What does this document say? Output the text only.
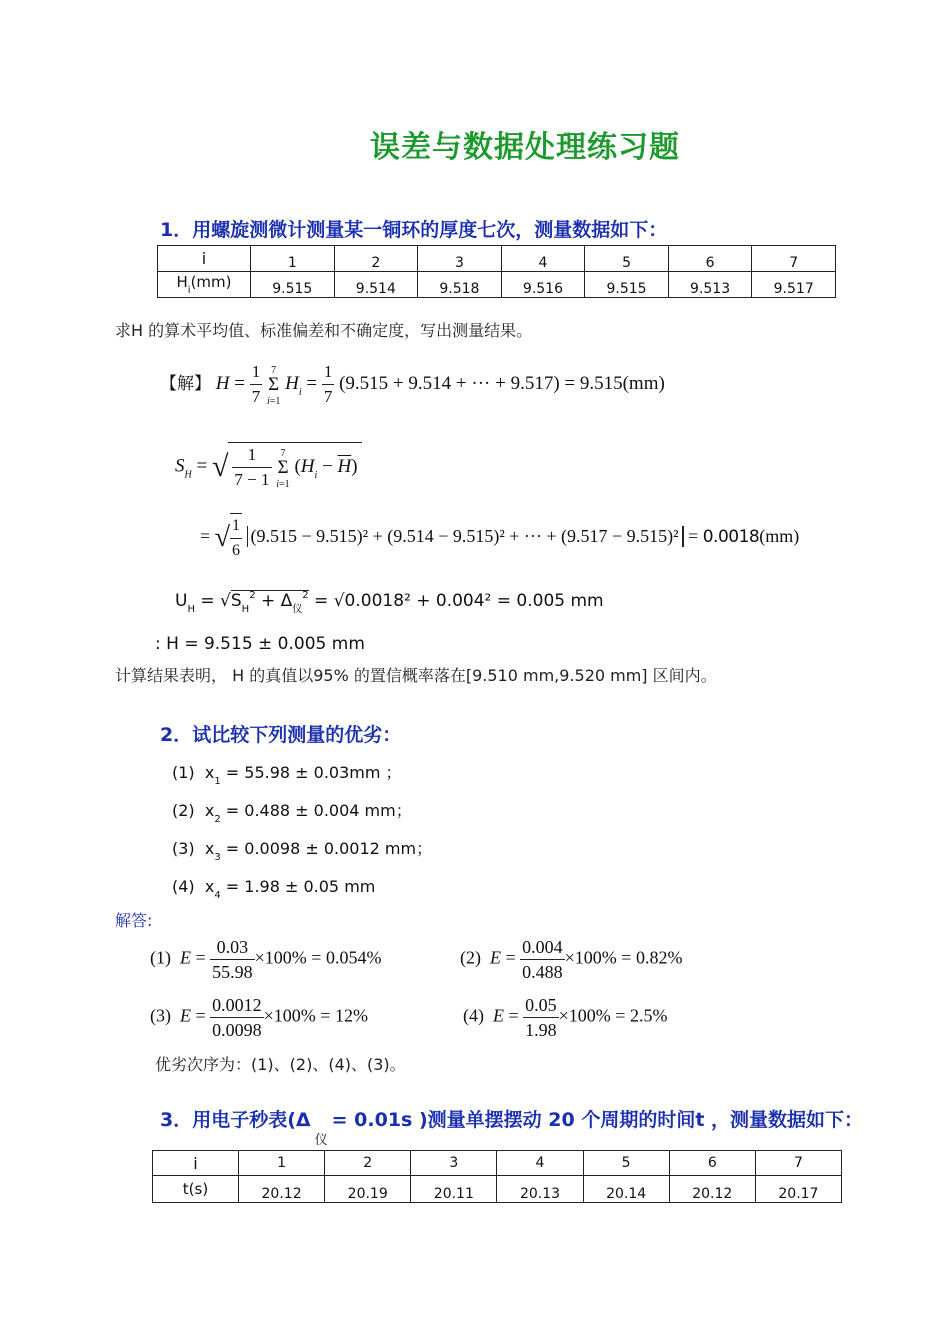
误差与数据处理练习题
1．用螺旋测微计测量某一铜环的厚度七次，测量数据如下：
i	1	2	3	4	5	6	7
$H_i(mm)$	9.515	9.514	9.518	9.516	9.515	9.513	9.517
求H 的算术平均值、标准偏差和不确定度，写出测量结果。
【解】 $H = \frac{1}{7} 7$
Σ
i=1 $H_i = \frac{1}{7} (9.515 + 9.514$ + ··· + 9.517) = 9.515(mm)
$S_H$ = √ $\frac{1}{7 - 1} 7$
Σ
i=1 $(H_i - \overline{H})$
= √ $\frac{1}{6} (9.515 - 9.515)^2 + (9.514 - 9.515)^2$ + ··· + (9.517 − 9.515)² = 0.0018(mm)
$U_H = √S_H^2 + \Delta_仪^2 = √0.0018^2 + 0.004^2 = 0.005$ mm
: H = 9.515 ± 0.005 mm
计算结果表明， H 的真值以95% 的置信概率落在[9.510 mm,9.520 mm] 区间内。
2．试比较下列测量的优劣：
(1) $x_1 = 55.98 \pm 0.03mm$ ；
(2) $x_2 = 0.488 \pm 0.004$ mm；
(3) $x_3 = 0.0098 \pm 0.0012$ mm；
(4) $x_4 = 1.98 \pm 0.05$ mm
解答:
(1) $E = \frac{0.03}{55.98} \times 100\% = 0.054\%$	(2) $E = \frac{0.004}{0.488} \times 100\% = 0.82\%$
(3) $E = \frac{0.0012}{0.0098} \times 100\% = 12\%$	(4) $E = \frac{0.05}{1.98} \times 100\% = 2.5\%$
优劣次序为：(1)、(2)、(4)、(3)。
3．用电子秒表($\Delta_仪= 0.01s$ )测量单摆摆动 20 个周期的时间t ，测量数据如下：
i	1	2	3	4	5	6	7
t(s)	20.12	20.19	20.11	20.13	20.14	20.12	20.17
